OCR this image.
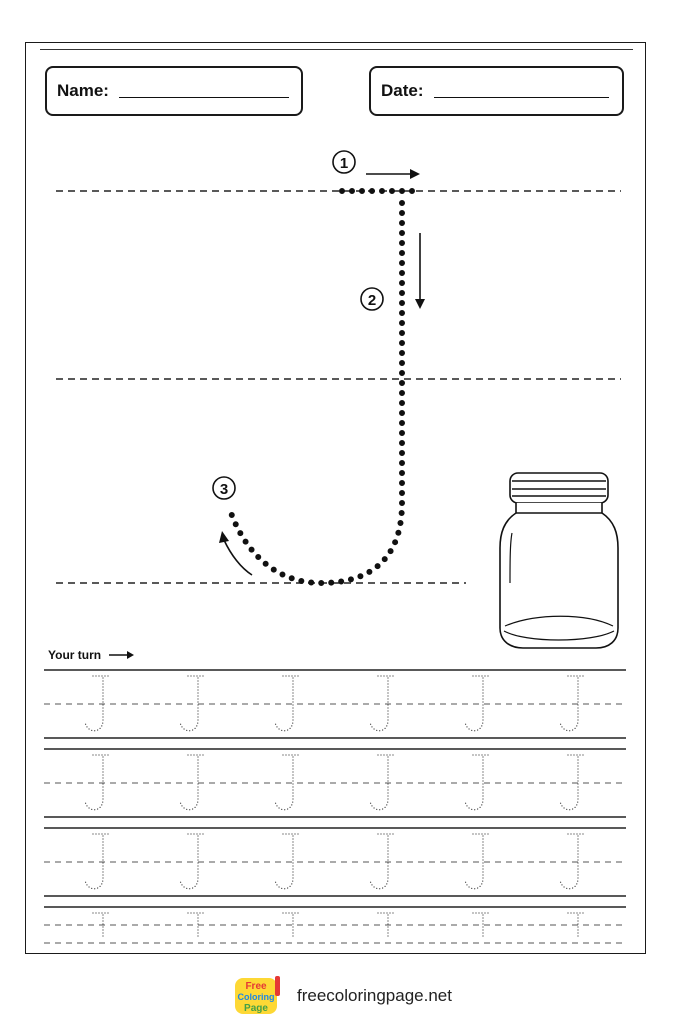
Name:	Date:
1
2
3
Your turn
Free
Coloring
Page
freecoloringpage.net
